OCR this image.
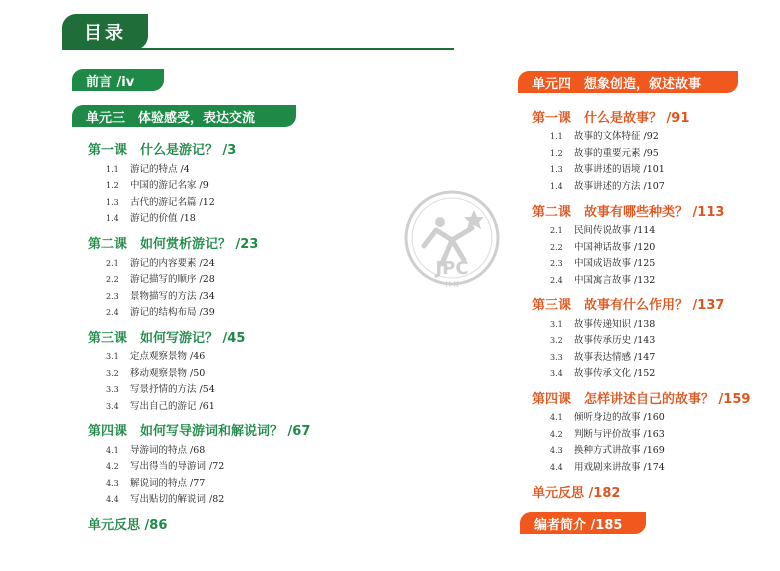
目录
前言 /iv
单元三　体验感受，表达交流
第一课　什么是游记？ /3
1.1 游记的特点 /4
1.2 中国的游记名家 /9
1.3 古代的游记名篇 /12
1.4 游记的价值 /18
第二课　如何赏析游记？ /23
2.1 游记的内容要素 /24
2.2 游记描写的顺序 /28
2.3 景物描写的方法 /34
2.4 游记的结构布局 /39
第三课　如何写游记？ /45
3.1 定点观察景物 /46
3.2 移动观察景物 /50
3.3 写景抒情的方法 /54
3.4 写出自己的游记 /61
第四课　如何写导游词和解说词？ /67
4.1 导游词的特点 /68
4.2 写出得当的导游词 /72
4.3 解说词的特点 /77
4.4 写出贴切的解说词 /82
单元反思 /86
JPC
H K
单元四　想象创造，叙述故事
第一课　什么是故事？ /91
1.1 故事的文体特征 /92
1.2 故事的重要元素 /95
1.3 故事讲述的语境 /101
1.4 故事讲述的方法 /107
第二课　故事有哪些种类？ /113
2.1 民间传说故事 /114
2.2 中国神话故事 /120
2.3 中国成语故事 /125
2.4 中国寓言故事 /132
第三课　故事有什么作用？ /137
3.1 故事传递知识 /138
3.2 故事传承历史 /143
3.3 故事表达情感 /147
3.4 故事传承文化 /152
第四课　怎样讲述自己的故事？ /159
4.1 倾听身边的故事 /160
4.2 判断与评价故事 /163
4.3 换种方式讲故事 /169
4.4 用戏剧来讲故事 /174
单元反思 /182
编者简介 /185
